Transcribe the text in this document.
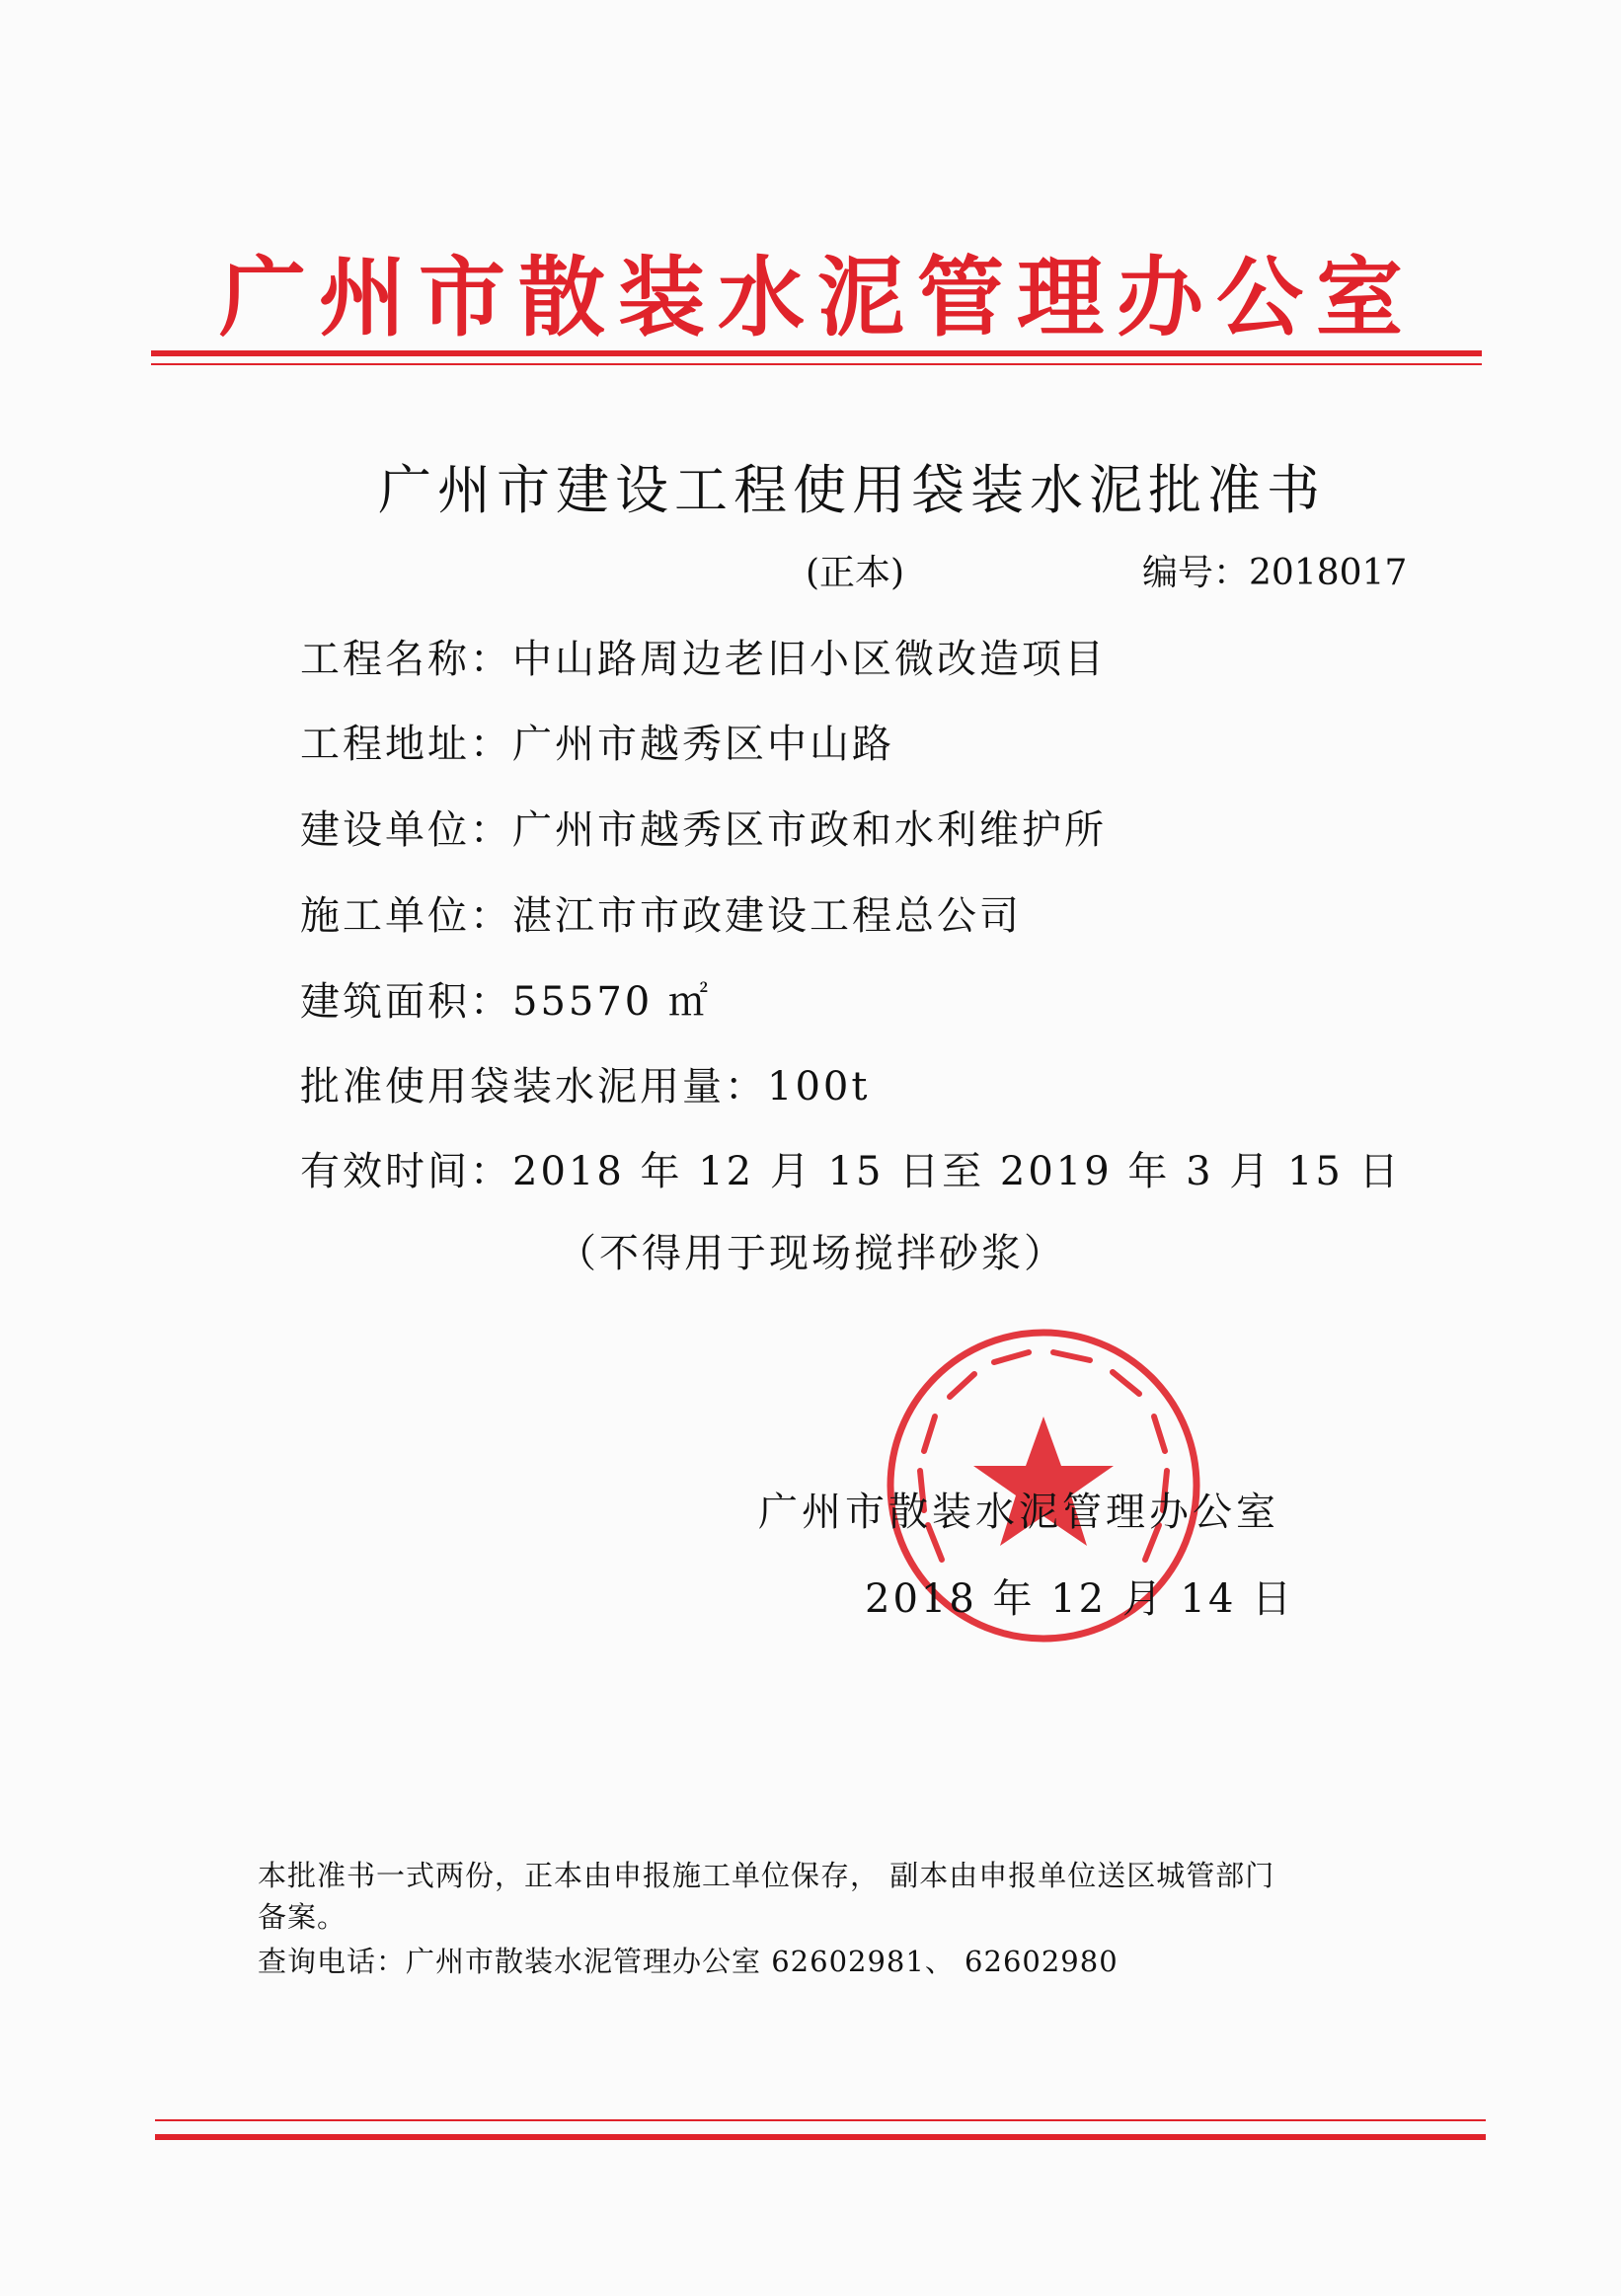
广州市散装水泥管理办公室
广州市建设工程使用袋装水泥批准书
(正本)	编号：2018017
工程名称：中山路周边老旧小区微改造项目
工程地址：广州市越秀区中山路
建设单位：广州市越秀区市政和水利维护所
施工单位：湛江市市政建设工程总公司
建筑面积：55570 ㎡
批准使用袋装水泥用量：100t
有效时间：2018 年 12 月 15 日至 2019 年 3 月 15 日
（不得用于现场搅拌砂浆）
广州市散装水泥管理办公室
2018 年 12 月 14 日
本批准书一式两份，正本由申报施工单位保存， 副本由申报单位送区城管部门
备案。
查询电话：广州市散装水泥管理办公室 62602981、 62602980
